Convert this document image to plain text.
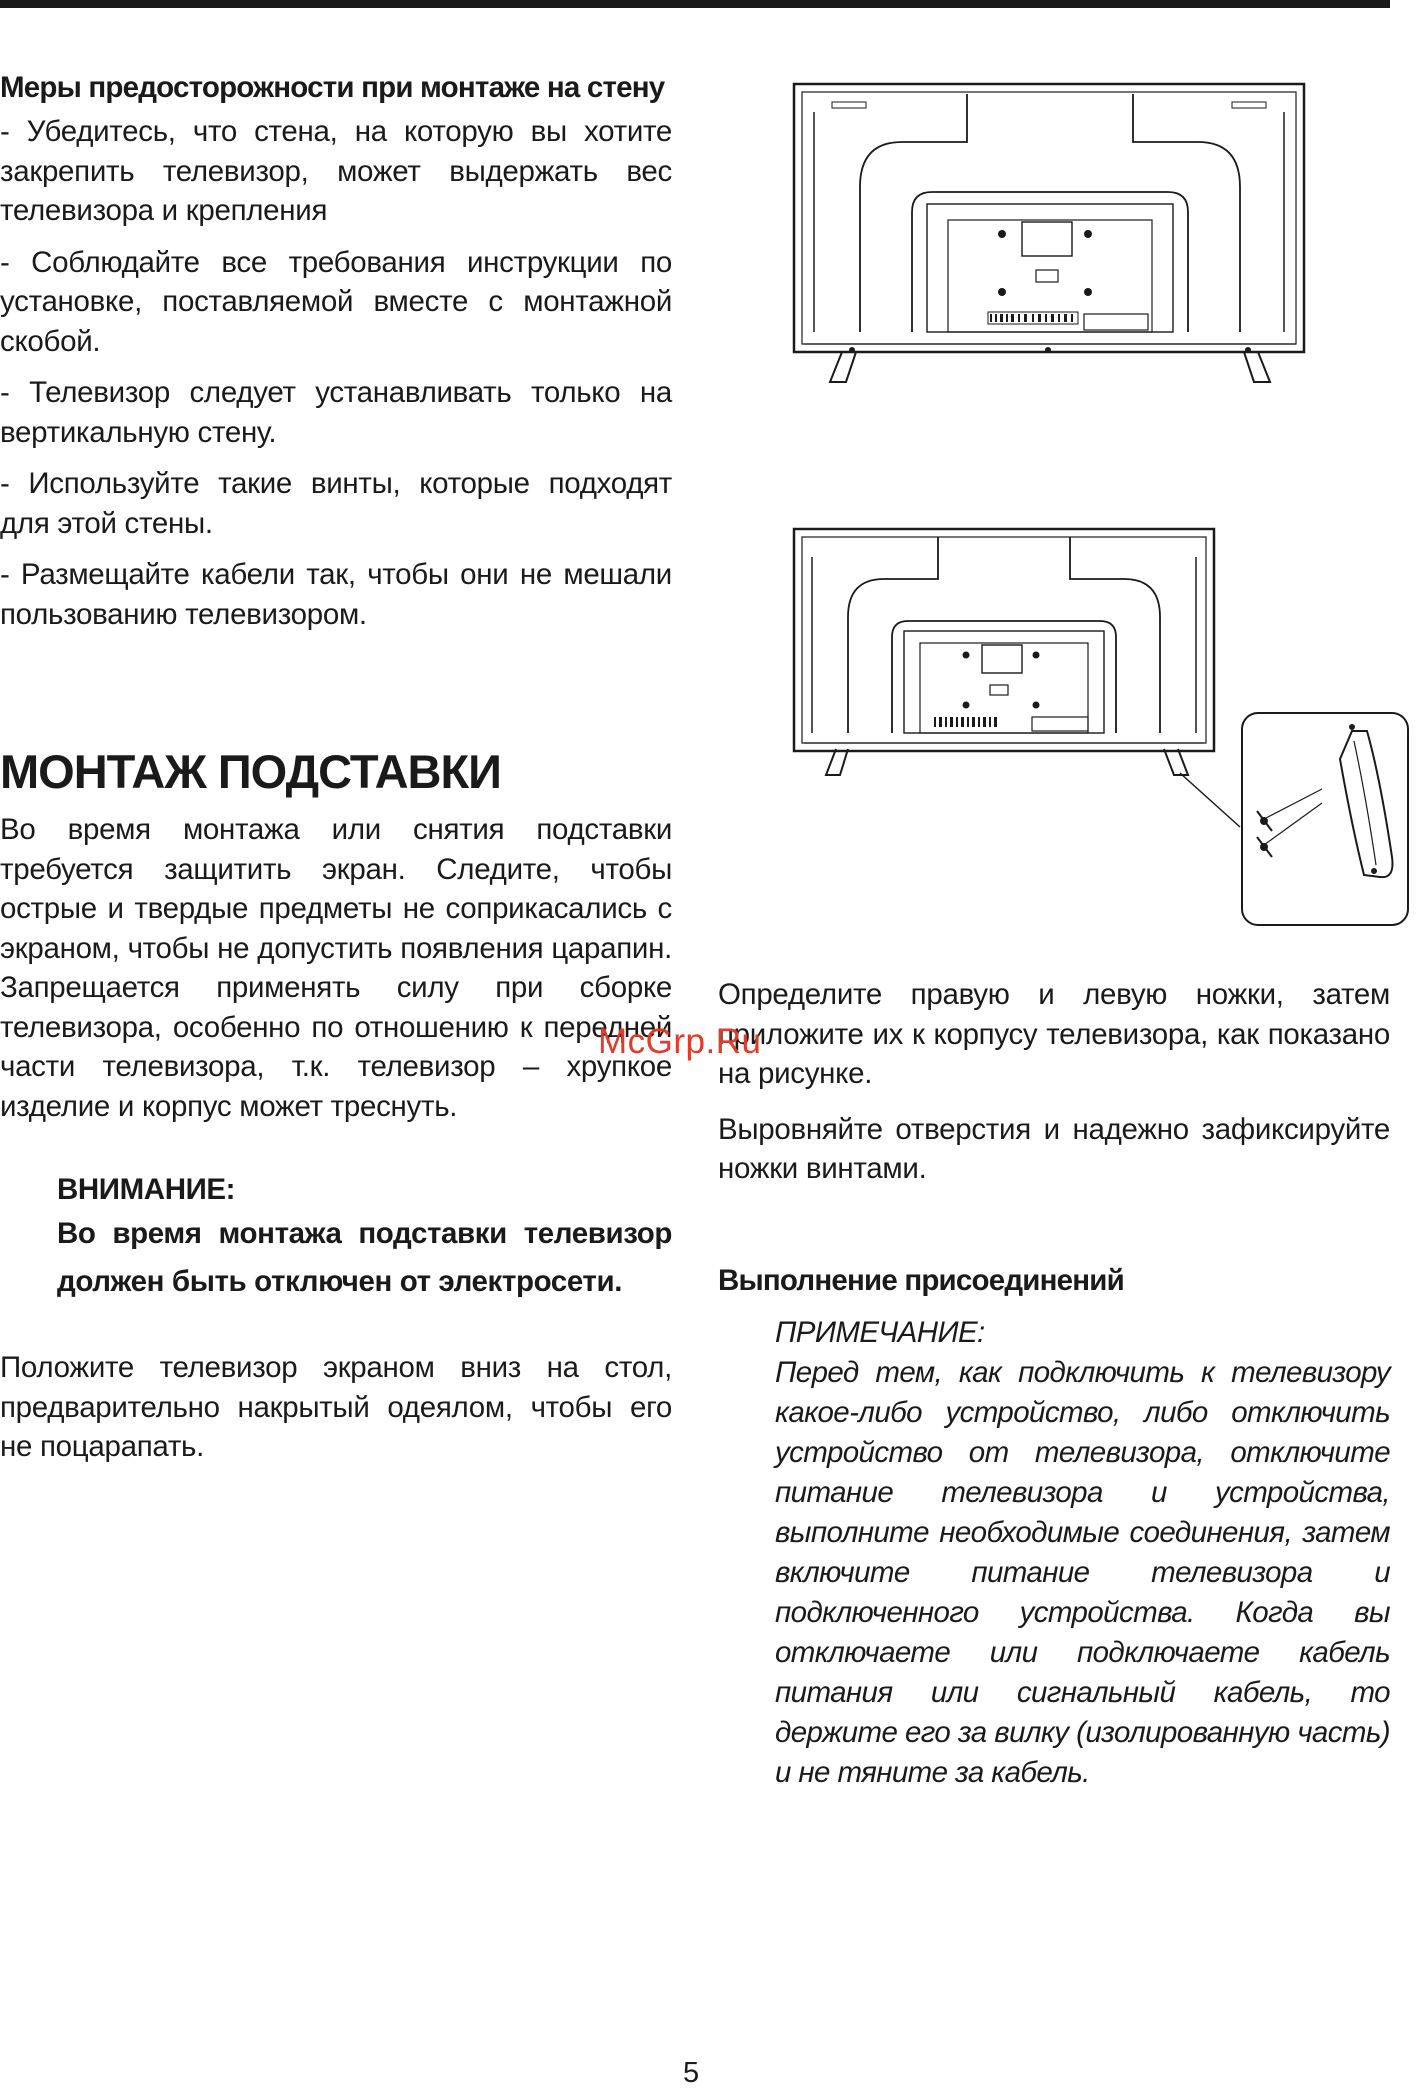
Меры предосторожности при монтаже на стену

- Убедитесь, что стена, на которую вы хотите закрепить телевизор, может выдержать вес телевизора и крепления

- Соблюдайте все требования инструкции по установке, поставляемой вместе с монтажной скобой.

- Телевизор следует устанавливать только на вертикальную стену.

- Используйте такие винты, которые подходят для этой стены.

- Размещайте кабели так, чтобы они не мешали пользованию телевизором.

МОНТАЖ ПОДСТАВКИ

Во время монтажа или снятия подставки требуется защитить экран. Следите, чтобы острые и твердые предметы не соприкасались с экраном, чтобы не допустить появления царапин. Запрещается применять силу при сборке телевизора, особенно по отношению к передней части телевизора, т.к. телевизор – хрупкое изделие и корпус может треснуть.

ВНИМАНИЕ:

Во время монтажа подставки телевизор должен быть отключен от электросети.

Положите телевизор экраном вниз на стол, предварительно накрытый одеялом, чтобы его не поцарапать.

Определите правую и левую ножки, затем приложите их к корпусу телевизора, как показано на рисунке.

Выровняйте отверстия и надежно зафиксируйте ножки винтами.

Выполнение присоединений

ПРИМЕЧАНИЕ:

Перед тем, как подключить к телевизору какое-либо устройство, либо отключить устройство от телевизора, отключите питание телевизора и устройства, выполните необходимые соединения, затем включите питание телевизора и подключенного устройства. Когда вы отключаете или подключаете кабель питания или сигнальный кабель, то держите его за вилку (изолированную часть) и не тяните за кабель.

McGrp.Ru
5
